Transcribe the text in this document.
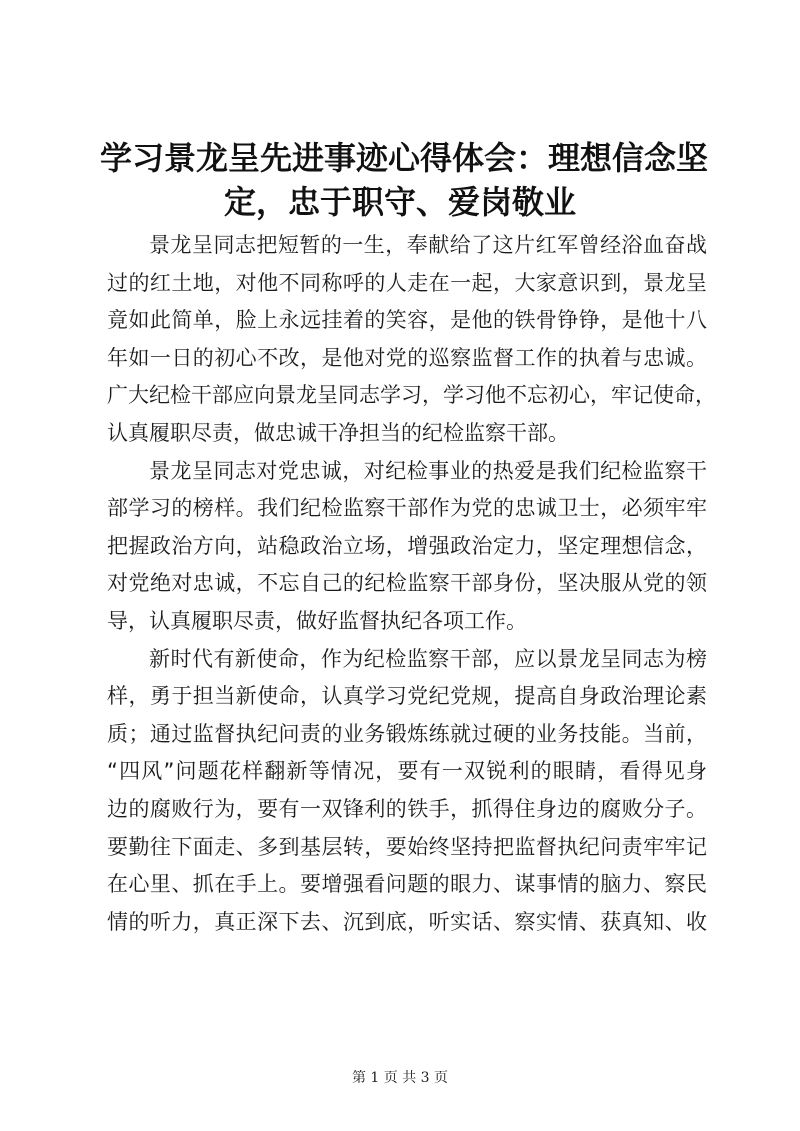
学习景龙呈先进事迹心得体会：理想信念坚
定，忠于职守、爱岗敬业

景龙呈同志把短暂的一生，奉献给了这片红军曾经浴血奋战
过的红土地，对他不同称呼的人走在一起，大家意识到，景龙呈
竟如此简单，脸上永远挂着的笑容，是他的铁骨铮铮，是他十八
年如一日的初心不改，是他对党的巡察监督工作的执着与忠诚。
广大纪检干部应向景龙呈同志学习，学习他不忘初心，牢记使命，
认真履职尽责，做忠诚干净担当的纪检监察干部。

景龙呈同志对党忠诚，对纪检事业的热爱是我们纪检监察干
部学习的榜样。我们纪检监察干部作为党的忠诚卫士，必须牢牢
把握政治方向，站稳政治立场，增强政治定力，坚定理想信念，
对党绝对忠诚，不忘自己的纪检监察干部身份，坚决服从党的领
导，认真履职尽责，做好监督执纪各项工作。

新时代有新使命，作为纪检监察干部，应以景龙呈同志为榜
样，勇于担当新使命，认真学习党纪党规，提高自身政治理论素
质；通过监督执纪问责的业务锻炼练就过硬的业务技能。当前，
“四风”问题花样翻新等情况，要有一双锐利的眼睛，看得见身
边的腐败行为，要有一双锋利的铁手，抓得住身边的腐败分子。
要勤往下面走、多到基层转，要始终坚持把监督执纪问责牢牢记
在心里、抓在手上。要增强看问题的眼力、谋事情的脑力、察民
情的听力，真正深下去、沉到底，听实话、察实情、获真知、收

第 1 页 共 3 页
